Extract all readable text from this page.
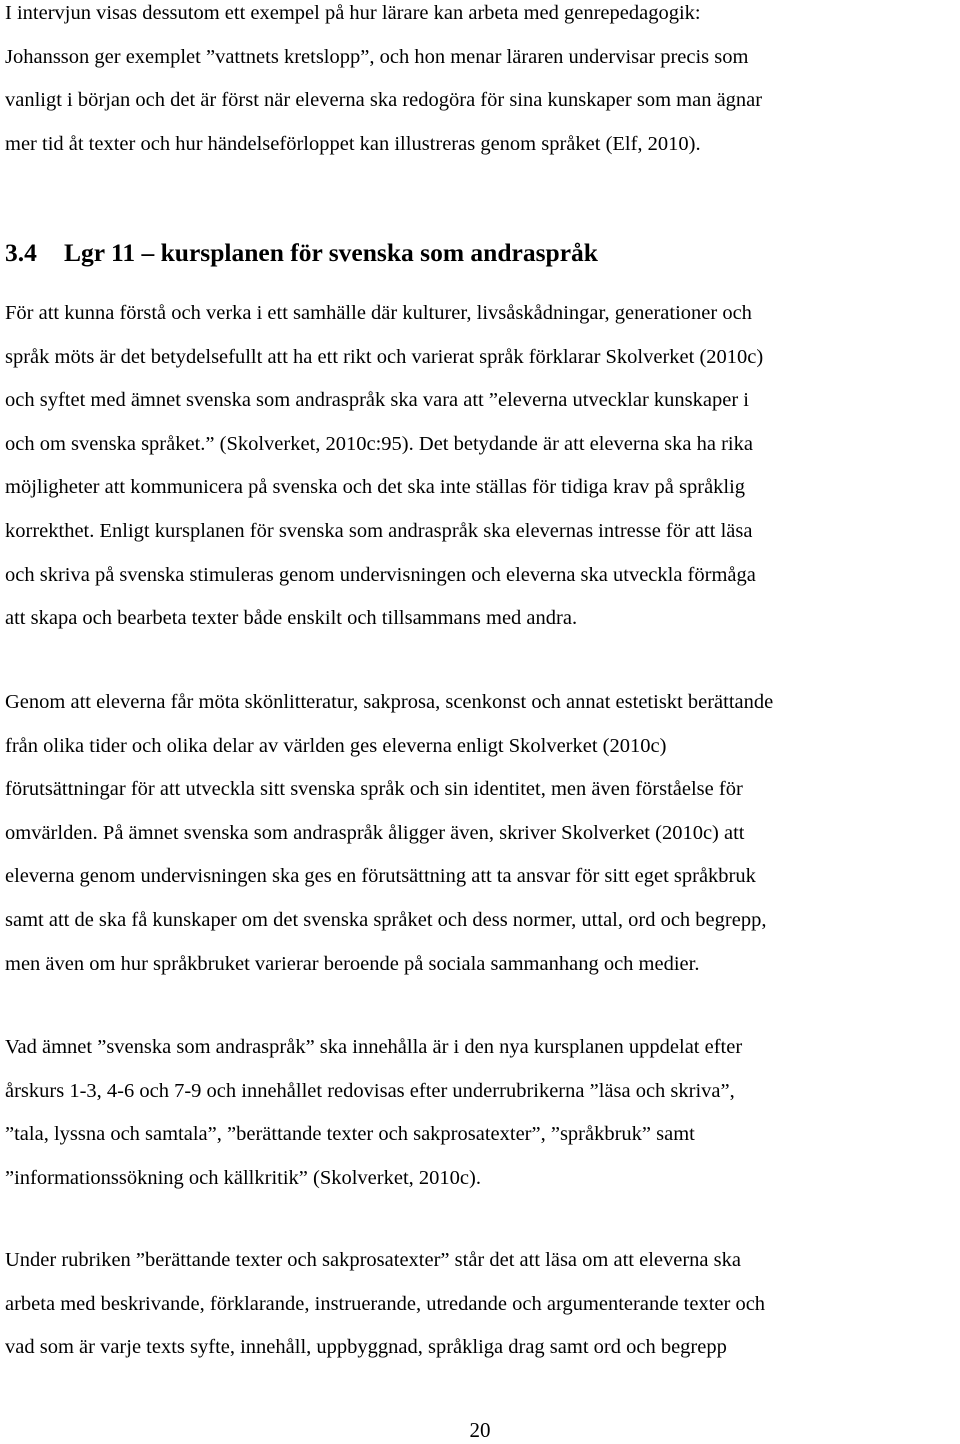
I intervjun visas dessutom ett exempel på hur lärare kan arbeta med genrepedagogik:
Johansson ger exemplet ”vattnets kretslopp”, och hon menar läraren undervisar precis som
vanligt i början och det är först när eleverna ska redogöra för sina kunskaper som man ägnar
mer tid åt texter och hur händelseförloppet kan illustreras genom språket (Elf, 2010).
3.4 Lgr 11 – kursplanen för svenska som andraspråk
För att kunna förstå och verka i ett samhälle där kulturer, livsåskådningar, generationer och
språk möts är det betydelsefullt att ha ett rikt och varierat språk förklarar Skolverket (2010c)
och syftet med ämnet svenska som andraspråk ska vara att ”eleverna utvecklar kunskaper i
och om svenska språket.” (Skolverket, 2010c:95). Det betydande är att eleverna ska ha rika
möjligheter att kommunicera på svenska och det ska inte ställas för tidiga krav på språklig
korrekthet. Enligt kursplanen för svenska som andraspråk ska elevernas intresse för att läsa
och skriva på svenska stimuleras genom undervisningen och eleverna ska utveckla förmåga
att skapa och bearbeta texter både enskilt och tillsammans med andra.
Genom att eleverna får möta skönlitteratur, sakprosa, scenkonst och annat estetiskt berättande
från olika tider och olika delar av världen ges eleverna enligt Skolverket (2010c)
förutsättningar för att utveckla sitt svenska språk och sin identitet, men även förståelse för
omvärlden. På ämnet svenska som andraspråk åligger även, skriver Skolverket (2010c) att
eleverna genom undervisningen ska ges en förutsättning att ta ansvar för sitt eget språkbruk
samt att de ska få kunskaper om det svenska språket och dess normer, uttal, ord och begrepp,
men även om hur språkbruket varierar beroende på sociala sammanhang och medier.
Vad ämnet ”svenska som andraspråk” ska innehålla är i den nya kursplanen uppdelat efter
årskurs 1-3, 4-6 och 7-9 och innehållet redovisas efter underrubrikerna ”läsa och skriva”,
”tala, lyssna och samtala”, ”berättande texter och sakprosatexter”, ”språkbruk” samt
”informationssökning och källkritik” (Skolverket, 2010c).
Under rubriken ”berättande texter och sakprosatexter” står det att läsa om att eleverna ska
arbeta med beskrivande, förklarande, instruerande, utredande och argumenterande texter och
vad som är varje texts syfte, innehåll, uppbyggnad, språkliga drag samt ord och begrepp
20
